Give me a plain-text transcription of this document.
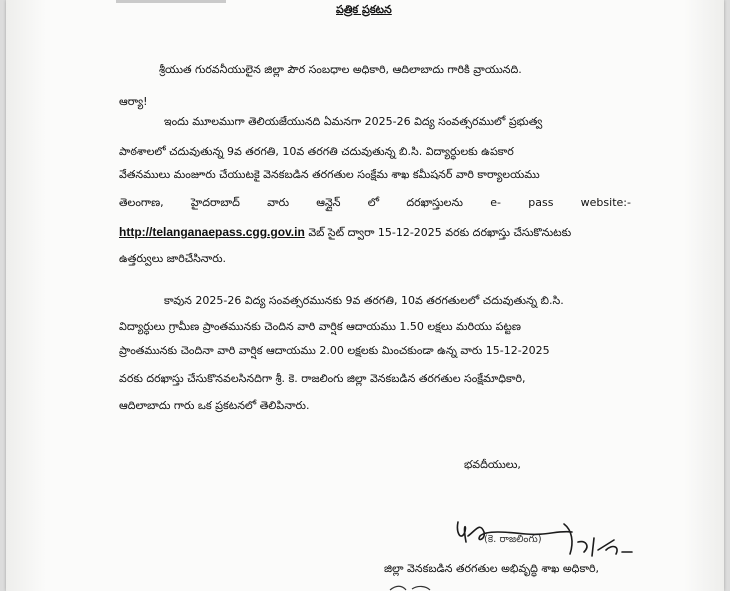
పత్రిక ప్రకటన
శ్రీయుత గురవనీయులైన జిల్లా పౌర సంబధాల అధికారి, ఆదిలాబాదు గారికి వ్రాయునది.
ఆర్యా!
ఇందు మూలముగా తెలియజేయునది ఏమనగా 2025-26 విద్య సంవత్సరములో ప్రభుత్వ
పాఠశాలలో చదువుతున్న 9వ తరగతి, 10వ తరగతి చదువుతున్న బి.సి. విద్యార్ధులకు ఉపకార
వేతనములు మంజూరు చేయుటకై వెనకబడిన తరగతుల సంక్షేమ శాఖ కమీషనర్ వారి కార్యాలయము
తెలంగాణ, హైదరాబాద్ వారు ఆన్లైన్ లో దరఖాస్తులను e- pass website:-
http://telanganaepass.cgg.gov.in వెబ్ సైట్ ద్వారా 15-12-2025 వరకు దరఖాస్తు చేసుకొనుటకు
ఉత్తర్వులు జారిచేసినారు.
కావున 2025-26 విద్య సంవత్సరమునకు 9వ తరగతి, 10వ తరగతులలో చదువుతున్న బి.సి.
విద్యార్ధులు గ్రామీణ ప్రాంతమునకు చెందిన వారి వార్షిక ఆదాయము 1.50 లక్షలు మరియు పట్టణ
ప్రాంతమునకు చెందినా వారి వార్షిక ఆదాయము 2.00 లక్షలకు మించకుండా ఉన్న వారు 15-12-2025
వరకు దరఖాస్తు చేసుకొనవలసినదిగా శ్రీ. కె. రాజలింగు జిల్లా వెనకబడిన తరగతుల సంక్షేమాధికారి,
ఆదిలాబాదు గారు ఒక ప్రకటనలో తెలిపినారు.
భవదీయులు,
(కె. రాజలింగు)
జిల్లా వెనకబడిన తరగతుల అభివృద్ధి శాఖ అధికారి,
